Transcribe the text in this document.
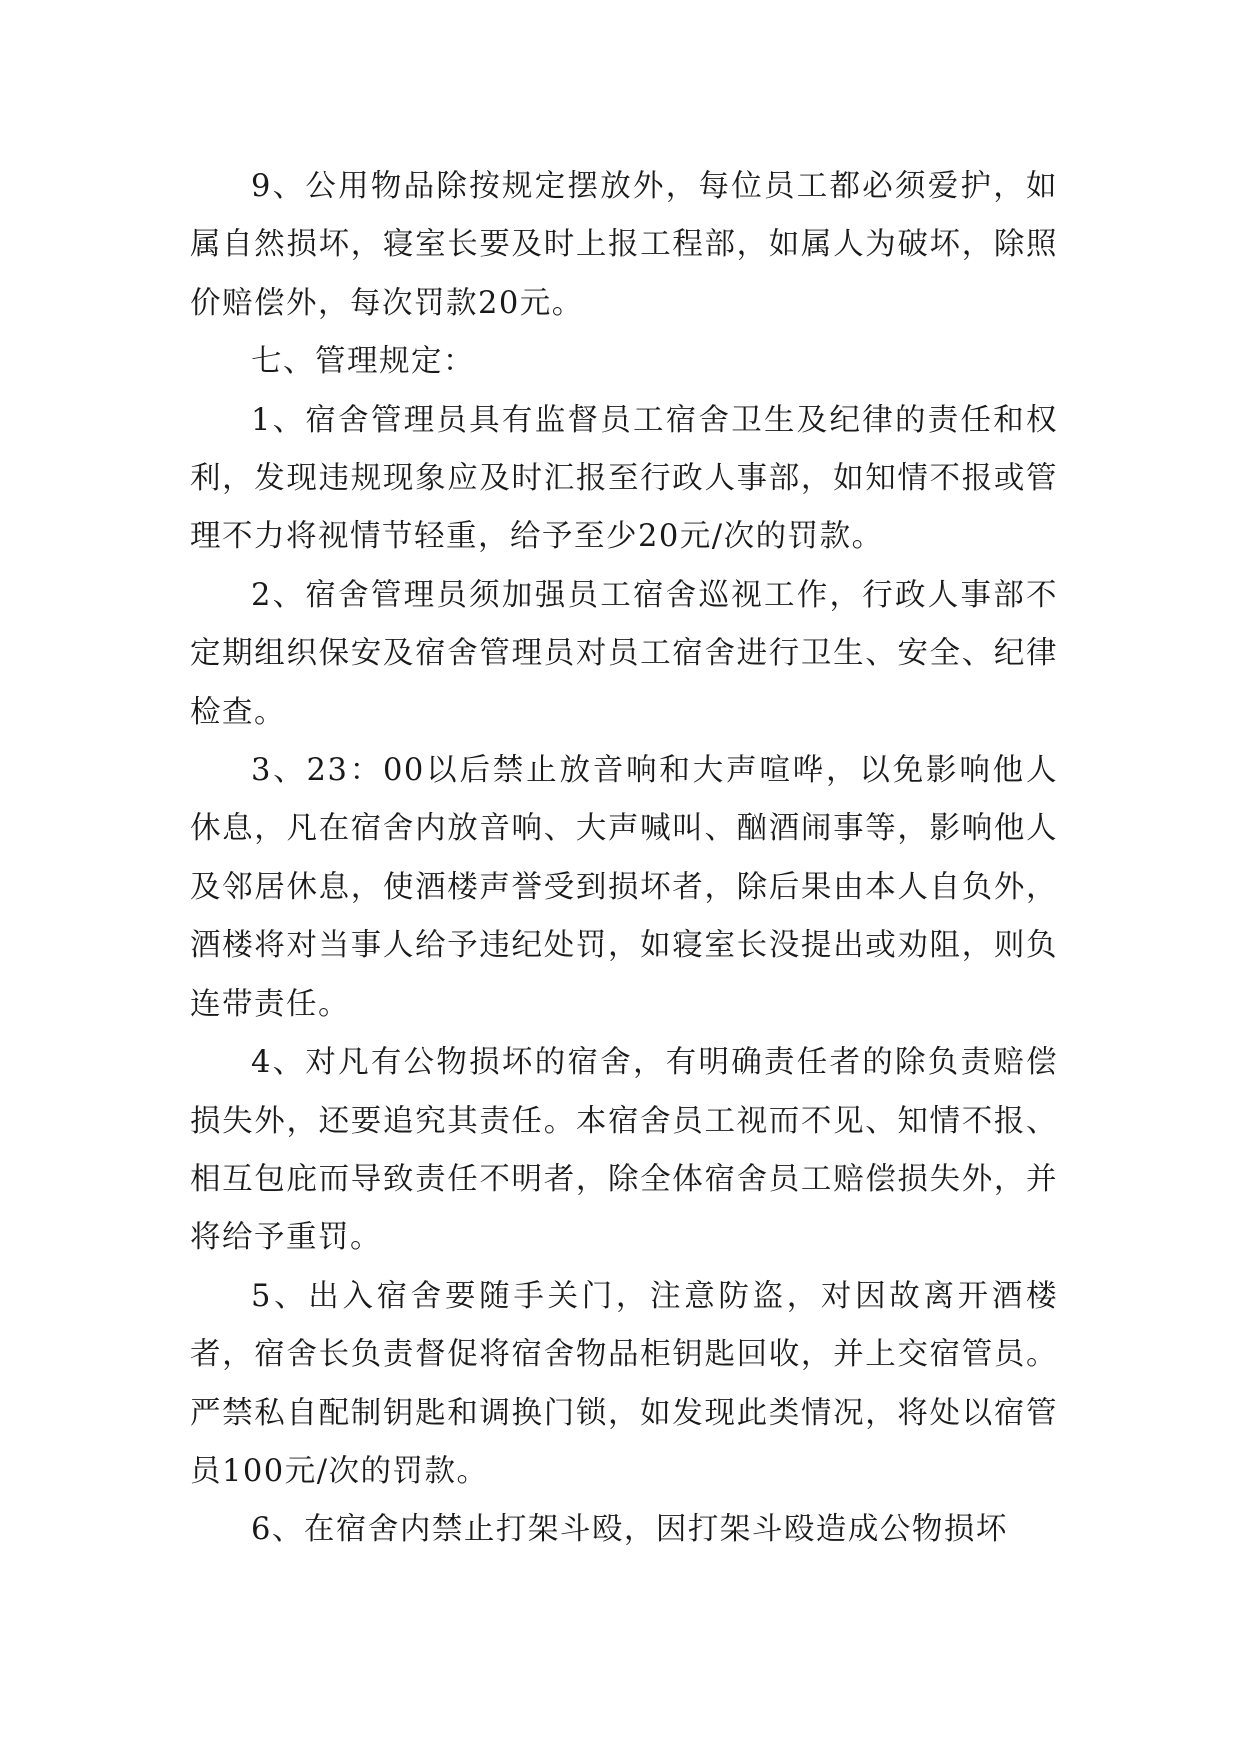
9、公用物品除按规定摆放外，每位员工都必须爱护，如属自然损坏，寝室长要及时上报工程部，如属人为破坏，除照价赔偿外，每次罚款20元。

七、管理规定：

1、宿舍管理员具有监督员工宿舍卫生及纪律的责任和权利，发现违规现象应及时汇报至行政人事部，如知情不报或管理不力将视情节轻重，给予至少20元/次的罚款。

2、宿舍管理员须加强员工宿舍巡视工作，行政人事部不定期组织保安及宿舍管理员对员工宿舍进行卫生、安全、纪律检查。

3、23：00以后禁止放音响和大声喧哗，以免影响他人休息，凡在宿舍内放音响、大声喊叫、酗酒闹事等，影响他人及邻居休息，使酒楼声誉受到损坏者，除后果由本人自负外，酒楼将对当事人给予违纪处罚，如寝室长没提出或劝阻，则负连带责任。

4、对凡有公物损坏的宿舍，有明确责任者的除负责赔偿损失外，还要追究其责任。本宿舍员工视而不见、知情不报、相互包庇而导致责任不明者，除全体宿舍员工赔偿损失外，并将给予重罚。

5、出入宿舍要随手关门，注意防盗，对因故离开酒楼者，宿舍长负责督促将宿舍物品柜钥匙回收，并上交宿管员。严禁私自配制钥匙和调换门锁，如发现此类情况，将处以宿管员100元/次的罚款。

6、在宿舍内禁止打架斗殴，因打架斗殴造成公物损坏
